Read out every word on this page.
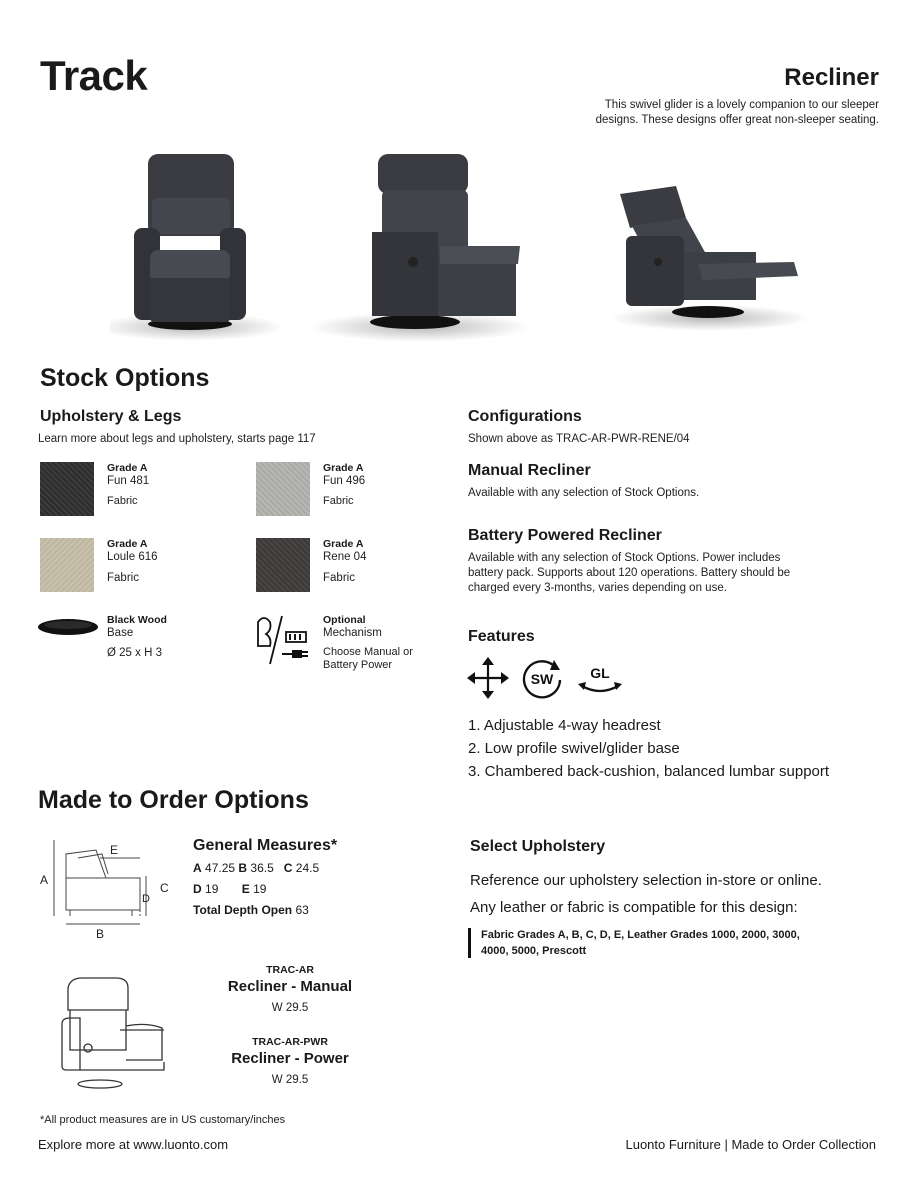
Track	Recliner
This swivel glider is a lovely companion to our sleeper
designs. These designs offer great non-sleeper seating.
Stock Options
Upholstery & Legs
Learn more about legs and upholstery, starts page 117
Grade A
Fun 481
Fabric
Grade A
Fun 496
Fabric
Grade A
Loule 616
Fabric
Grade A
Rene 04
Fabric
Black Wood
Base
Ø 25 x H 3
Optional
Mechanism
Choose Manual or
Battery Power
Configurations
Shown above as TRAC-AR-PWR-RENE/04
Manual Recliner
Available with any selection of Stock Options.
Battery Powered Recliner
Available with any selection of Stock Options. Power includes
battery pack. Supports about 120 operations. Battery should be
charged every 3-months, varies depending on use.
Features
SW	GL
1. Adjustable 4-way headrest
2. Low profile swivel/glider base
3. Chambered back-cushion, balanced lumbar support
Made to Order Options
A
E
C
D
B
General Measures*
A 47.25 B 36.5 C 24.5
D 19 E 19
Total Depth Open 63
TRAC-AR
Recliner - Manual
W 29.5
TRAC-AR-PWR
Recliner - Power
W 29.5
Select Upholstery
Reference our upholstery selection in-store or online.
Any leather or fabric is compatible for this design:
Fabric Grades A, B, C, D, E, Leather Grades 1000, 2000, 3000,
4000, 5000, Prescott
*All product measures are in US customary/inches
Explore more at www.luonto.com	Luonto Furniture | Made to Order Collection
